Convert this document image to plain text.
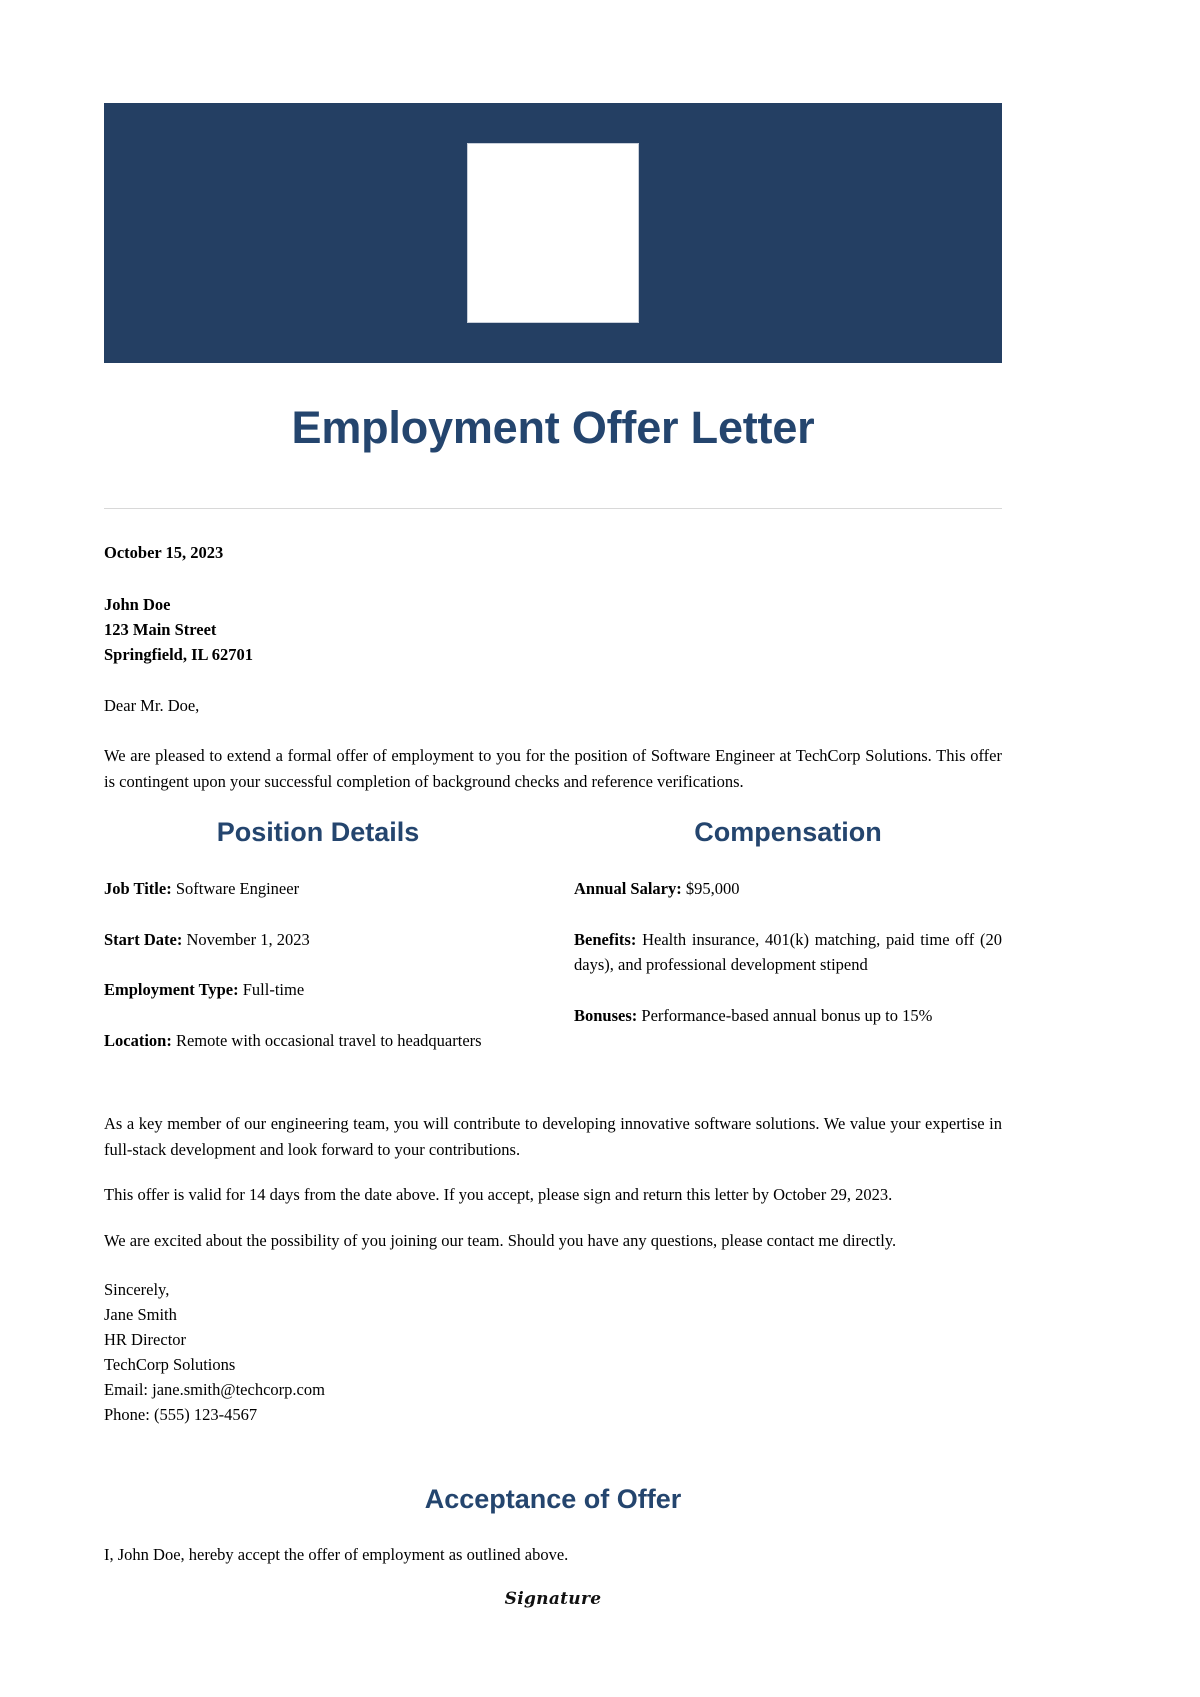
Employment Offer Letter

October 15, 2023

John Doe
123 Main Street
Springfield, IL 62701

Dear Mr. Doe,

We are pleased to extend a formal offer of employment to you for the position of Software Engineer at TechCorp Solutions. This offer is contingent upon your successful completion of background checks and reference verifications.

Position Details

Job Title: Software Engineer

Start Date: November 1, 2023

Employment Type: Full-time

Location: Remote with occasional travel to headquarters

Compensation

Annual Salary: $95,000

Benefits: Health insurance, 401(k) matching, paid time off (20 days), and professional development stipend

Bonuses: Performance-based annual bonus up to 15%

As a key member of our engineering team, you will contribute to developing innovative software solutions. We value your expertise in full-stack development and look forward to your contributions.

This offer is valid for 14 days from the date above. If you accept, please sign and return this letter by October 29, 2023.

We are excited about the possibility of you joining our team. Should you have any questions, please contact me directly.

Sincerely,
Jane Smith
HR Director
TechCorp Solutions
Email: jane.smith@techcorp.com
Phone: (555) 123-4567
Acceptance of Offer

I, John Doe, hereby accept the offer of employment as outlined above.

Signature
